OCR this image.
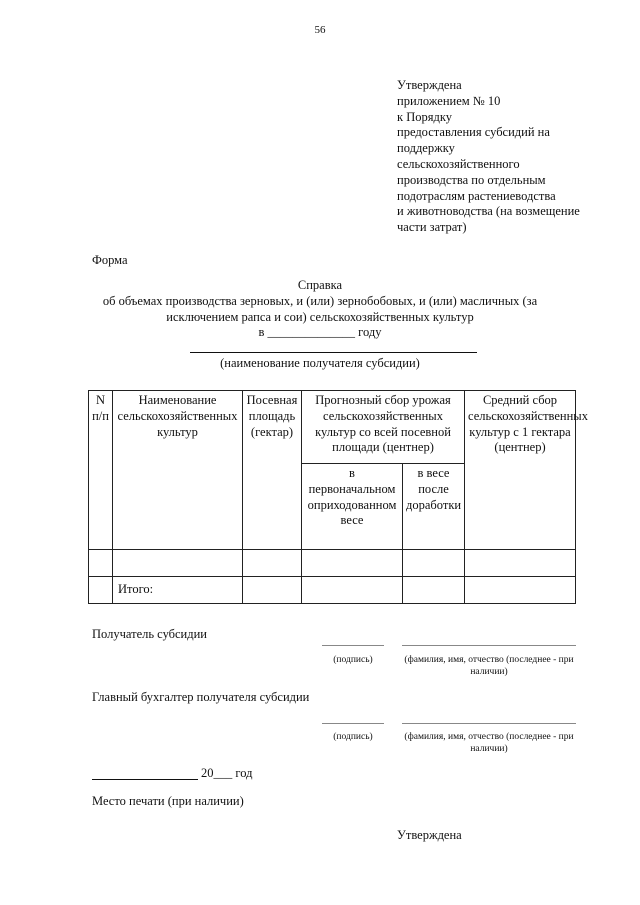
56
Утверждена
приложением № 10
к Порядку
предоставления субсидий на
поддержку
сельскохозяйственного
производства по отдельным
подотраслям растениеводства
и животноводства (на возмещение
части затрат)
Форма
Справка
об объемах производства зерновых, и (или) зернобобовых, и (или) масличных (за
исключением рапса и сои) сельскохозяйственных культур
в ______________ году
(наименование получателя субсидии)
N п/п	Наименование сельскохозяйственных культур	Посевная площадь (гектар)	Прогнозный сбор урожая сельскохозяйственных культур со всей посевной площади (центнер)		Средний сбор сельскохозяйственных культур с 1 гектара (центнер)
			в первоначальном оприходованном весе	в весе после доработки	

	Итого:				
Получатель субсидии
(подпись)	(фамилия, имя, отчество (последнее - при наличии)
Главный бухгалтер получателя субсидии
(подпись)	(фамилия, имя, отчество (последнее - при наличии)
20___ год
Место печати (при наличии)
Утверждена
